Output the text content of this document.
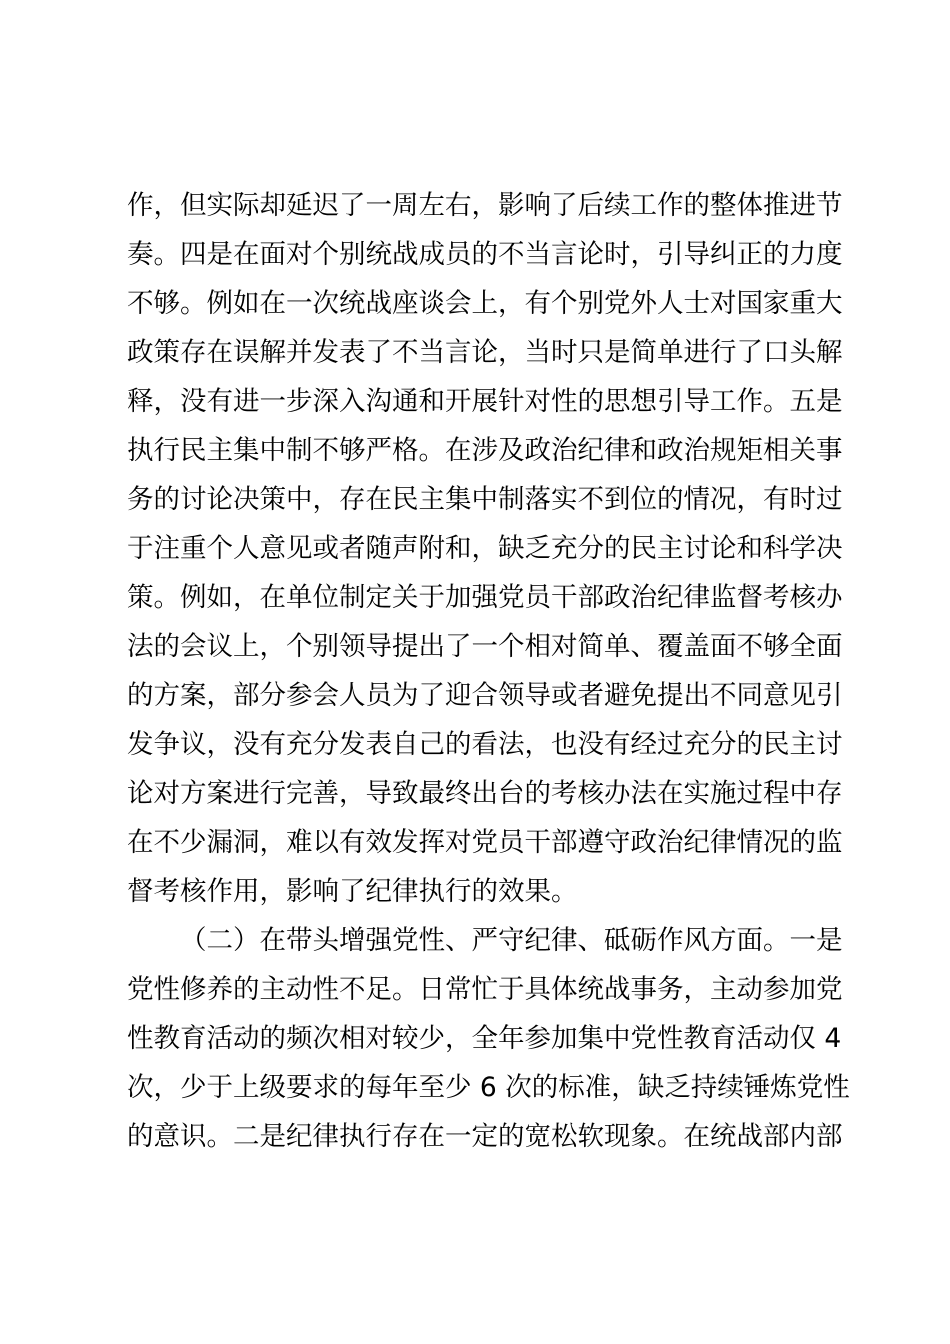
作，但实际却延迟了一周左右，影响了后续工作的整体推进节
奏。四是在面对个别统战成员的不当言论时，引导纠正的力度
不够。例如在一次统战座谈会上，有个别党外人士对国家重大
政策存在误解并发表了不当言论，当时只是简单进行了口头解
释，没有进一步深入沟通和开展针对性的思想引导工作。五是
执行民主集中制不够严格。在涉及政治纪律和政治规矩相关事
务的讨论决策中，存在民主集中制落实不到位的情况，有时过
于注重个人意见或者随声附和，缺乏充分的民主讨论和科学决
策。例如，在单位制定关于加强党员干部政治纪律监督考核办
法的会议上，个别领导提出了一个相对简单、覆盖面不够全面
的方案，部分参会人员为了迎合领导或者避免提出不同意见引
发争议，没有充分发表自己的看法，也没有经过充分的民主讨
论对方案进行完善，导致最终出台的考核办法在实施过程中存
在不少漏洞，难以有效发挥对党员干部遵守政治纪律情况的监
督考核作用，影响了纪律执行的效果。
（二）在带头增强党性、严守纪律、砥砺作风方面。一是
党性修养的主动性不足。日常忙于具体统战事务，主动参加党
性教育活动的频次相对较少，全年参加集中党性教育活动仅 4
次，少于上级要求的每年至少 6 次的标准，缺乏持续锤炼党性
的意识。二是纪律执行存在一定的宽松软现象。在统战部内部
